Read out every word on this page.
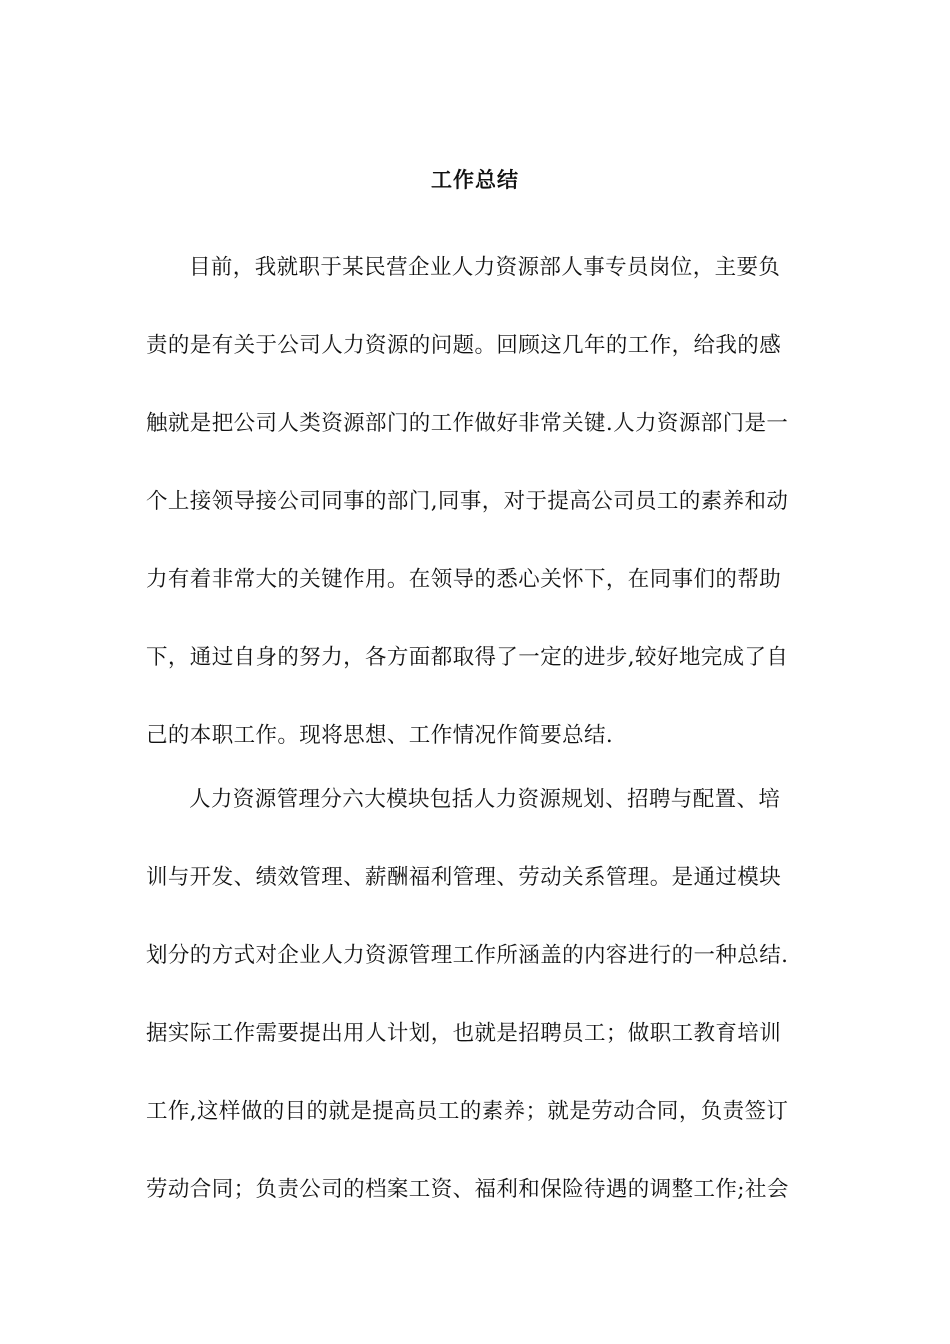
工作总结
目前，我就职于某民营企业人力资源部人事专员岗位，主要负
责的是有关于公司人力资源的问题。回顾这几年的工作，给我的感
触就是把公司人类资源部门的工作做好非常关键.人力资源部门是一
个上接领导接公司同事的部门,同事，对于提高公司员工的素养和动
力有着非常大的关键作用。在领导的悉心关怀下，在同事们的帮助
下，通过自身的努力，各方面都取得了一定的进步,较好地完成了自
己的本职工作。现将思想、工作情况作简要总结.
人力资源管理分六大模块包括人力资源规划、招聘与配置、培
训与开发、绩效管理、薪酬福利管理、劳动关系管理。是通过模块
划分的方式对企业人力资源管理工作所涵盖的内容进行的一种总结.
据实际工作需要提出用人计划，也就是招聘员工；做职工教育培训
工作,这样做的目的就是提高员工的素养；就是劳动合同，负责签订
劳动合同；负责公司的档案工资、福利和保险待遇的调整工作;社会
